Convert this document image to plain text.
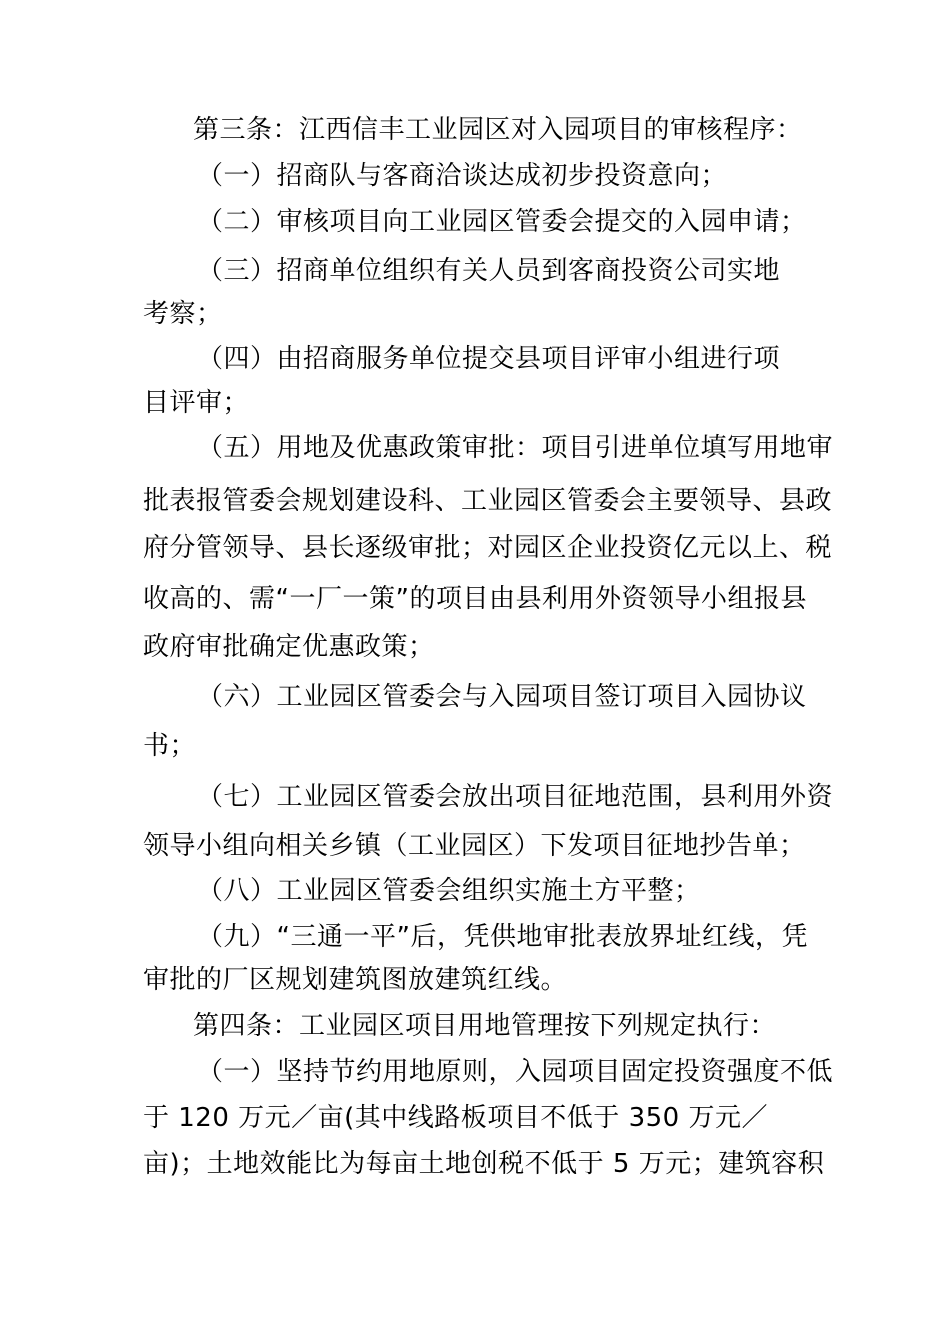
第三条：江西信丰工业园区对入园项目的审核程序：
（一）招商队与客商洽谈达成初步投资意向；
（二）审核项目向工业园区管委会提交的入园申请；
（三）招商单位组织有关人员到客商投资公司实地
考察；
（四）由招商服务单位提交县项目评审小组进行项
目评审；
（五）用地及优惠政策审批：项目引进单位填写用地审
批表报管委会规划建设科、工业园区管委会主要领导、县政
府分管领导、县长逐级审批；对园区企业投资亿元以上、税
收高的、需“一厂一策”的项目由县利用外资领导小组报县
政府审批确定优惠政策；
（六）工业园区管委会与入园项目签订项目入园协议
书；
（七）工业园区管委会放出项目征地范围，县利用外资
领导小组向相关乡镇（工业园区）下发项目征地抄告单；
（八）工业园区管委会组织实施土方平整；
（九）“三通一平”后，凭供地审批表放界址红线，凭
审批的厂区规划建筑图放建筑红线。
第四条：工业园区项目用地管理按下列规定执行：
（一）坚持节约用地原则，入园项目固定投资强度不低
于 120 万元／亩(其中线路板项目不低于 350 万元／
亩)；土地效能比为每亩土地创税不低于 5 万元；建筑容积
